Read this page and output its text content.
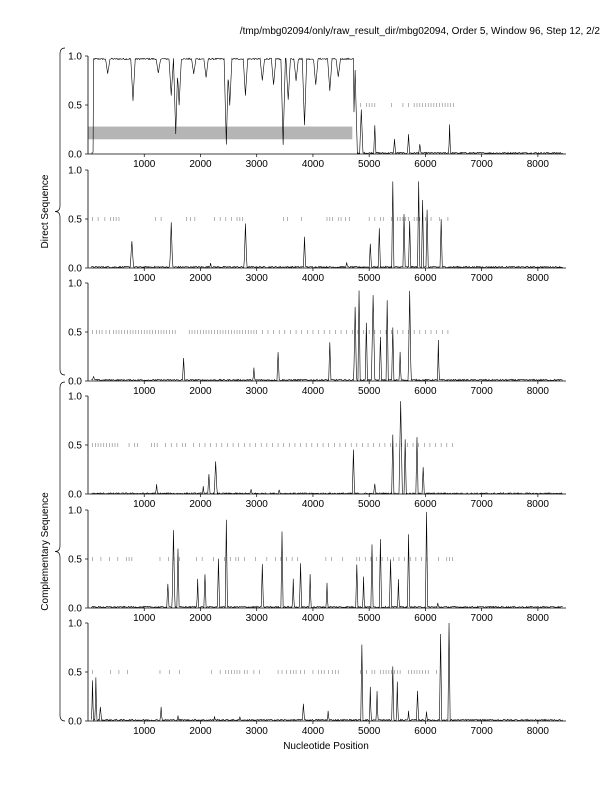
/tmp/mbg02094/only/raw_result_dir/mbg02094, Order 5, Window 96, Step 12, 2/2
1000	2000	3000	4000	5000	6000	7000	8000
0.0
0.5
1.0
1000	2000	3000	4000	5000	6000	7000	8000
0.0
0.5
1.0
1000	2000	3000	4000	5000	6000	7000	8000
0.0
0.5
1.0
1000	2000	3000	4000	5000	6000	7000	8000
0.0
0.5
1.0
1000	2000	3000	4000	5000	6000	7000	8000
0.0
0.5
1.0
1000	2000	3000	4000	5000	6000	7000	8000
0.0
0.5
1.0
Direct Sequence
Complementary Sequence
Nucleotide Position
